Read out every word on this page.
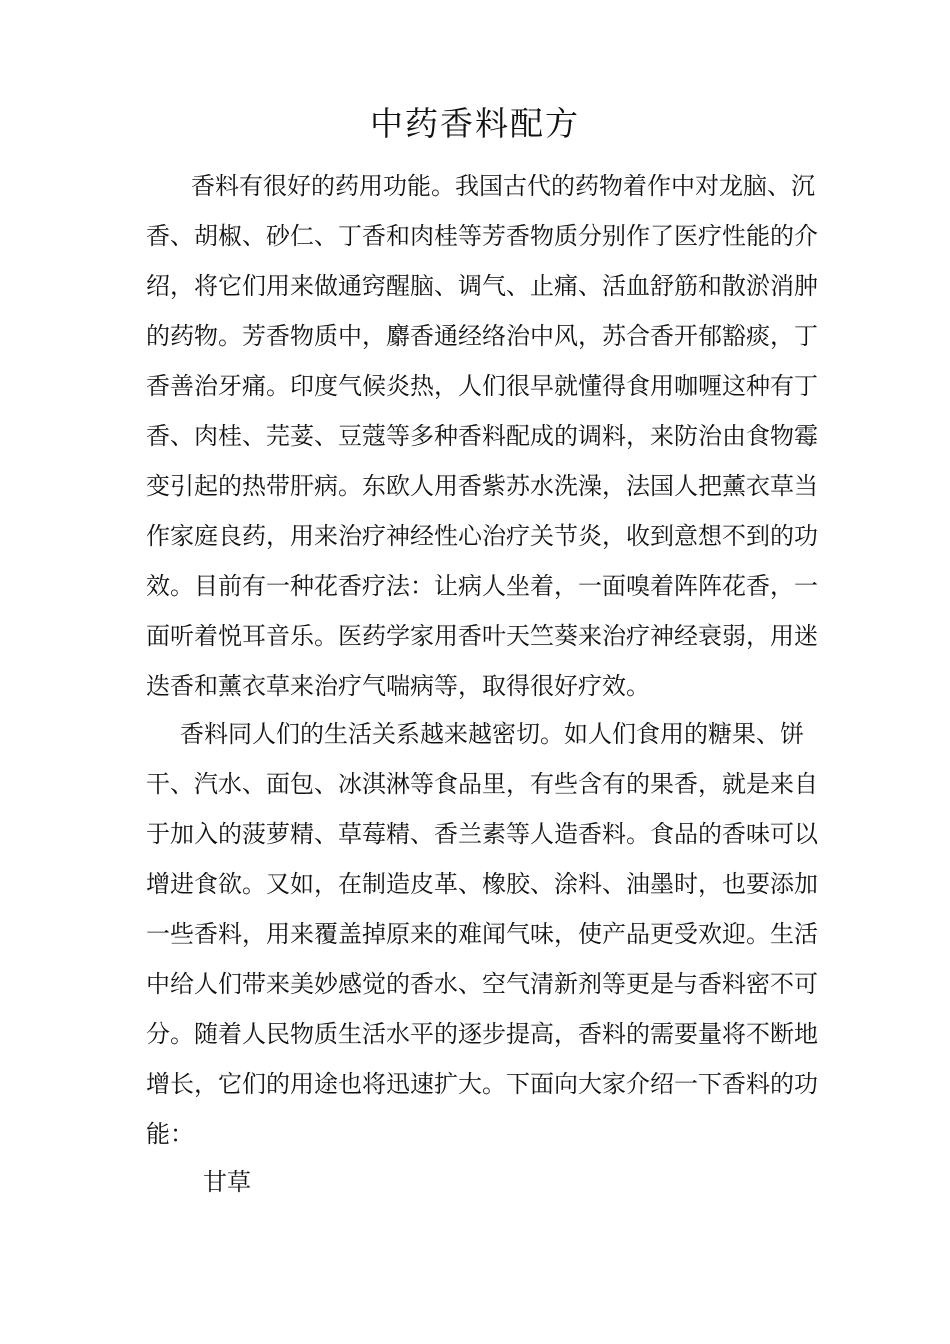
中药香料配方

香料有很好的药用功能。我国古代的药物着作中对龙脑、沉

香、胡椒、砂仁、丁香和肉桂等芳香物质分别作了医疗性能的介

绍，将它们用来做通窍醒脑、调气、止痛、活血舒筋和散淤消肿

的药物。芳香物质中，麝香通经络治中风，苏合香开郁豁痰，丁

香善治牙痛。印度气候炎热，人们很早就懂得食用咖喱这种有丁

香、肉桂、芫荽、豆蔻等多种香料配成的调料，来防治由食物霉

变引起的热带肝病。东欧人用香紫苏水洗澡，法国人把薰衣草当

作家庭良药，用来治疗神经性心治疗关节炎，收到意想不到的功

效。目前有一种花香疗法：让病人坐着，一面嗅着阵阵花香，一

面听着悦耳音乐。医药学家用香叶天竺葵来治疗神经衰弱，用迷

迭香和薰衣草来治疗气喘病等，取得很好疗效。

香料同人们的生活关系越来越密切。如人们食用的糖果、饼

干、汽水、面包、冰淇淋等食品里，有些含有的果香，就是来自

于加入的菠萝精、草莓精、香兰素等人造香料。食品的香味可以

增进食欲。又如，在制造皮革、橡胶、涂料、油墨时，也要添加

一些香料，用来覆盖掉原来的难闻气味，使产品更受欢迎。生活

中给人们带来美妙感觉的香水、空气清新剂等更是与香料密不可

分。随着人民物质生活水平的逐步提高，香料的需要量将不断地

增长，它们的用途也将迅速扩大。下面向大家介绍一下香料的功

能：

甘草
